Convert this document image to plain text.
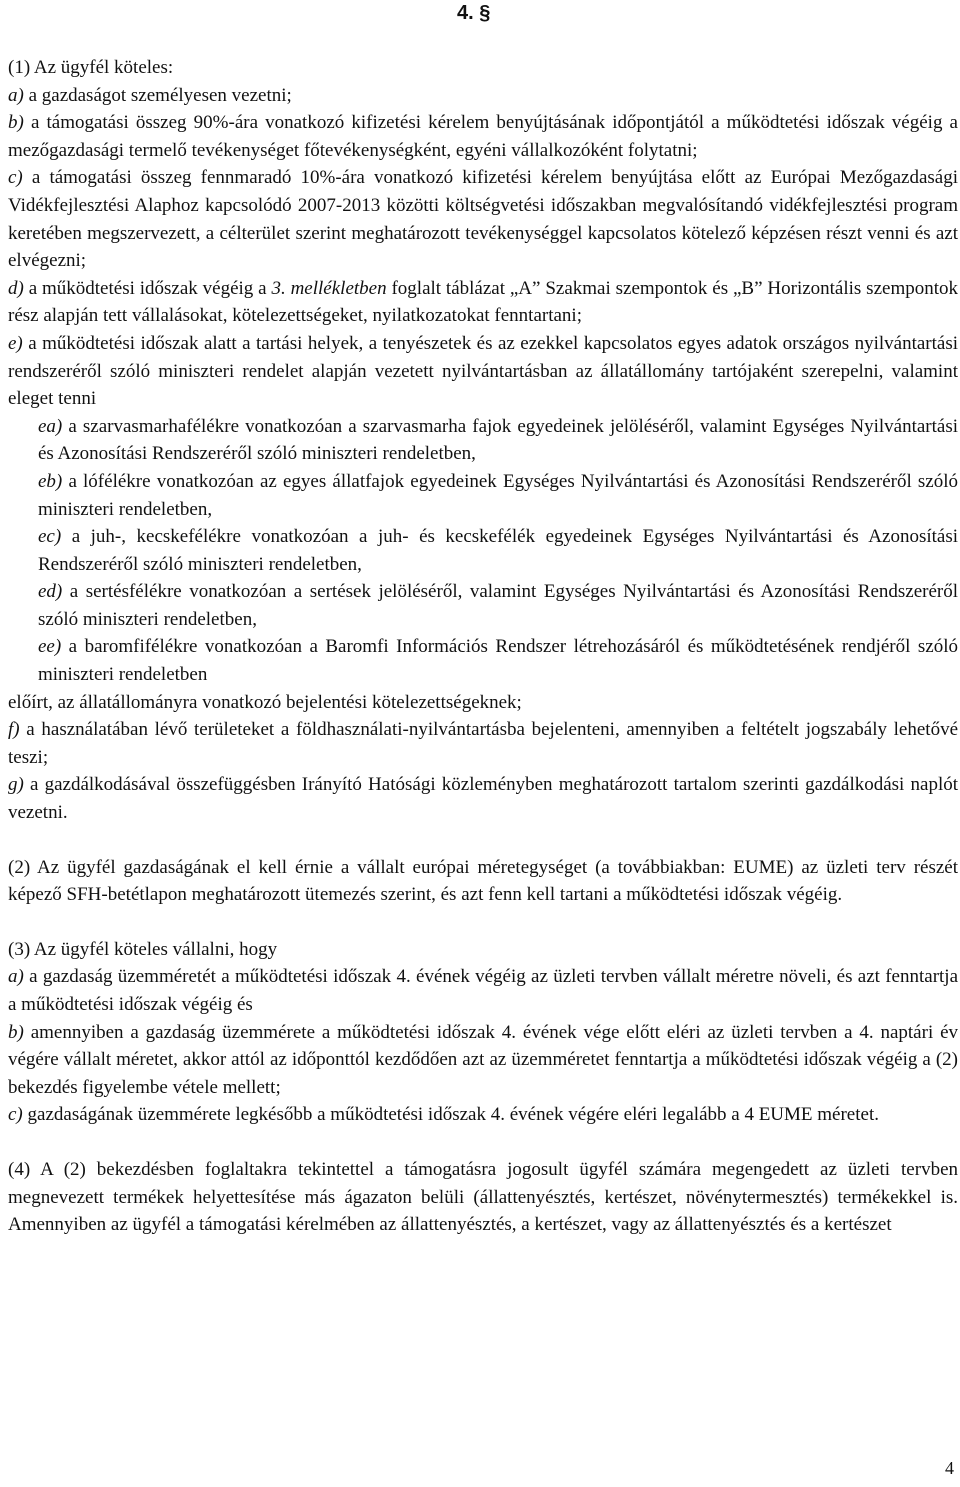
4. §

(1) Az ügyfél köteles:

a) a gazdaságot személyesen vezetni;

b) a támogatási összeg 90%-ára vonatkozó kifizetési kérelem benyújtásának időpontjától a működtetési időszak végéig a mezőgazdasági termelő tevékenységet főtevékenységként, egyéni vállalkozóként folytatni;

c) a támogatási összeg fennmaradó 10%-ára vonatkozó kifizetési kérelem benyújtása előtt az Európai Mezőgazdasági Vidékfejlesztési Alaphoz kapcsolódó 2007-2013 közötti költségvetési időszakban megvalósítandó vidékfejlesztési program keretében megszervezett, a célterület szerint meghatározott tevékenységgel kapcsolatos kötelező képzésen részt venni és azt elvégezni;

d) a működtetési időszak végéig a 3. mellékletben foglalt táblázat „A” Szakmai szempontok és „B” Horizontális szempontok rész alapján tett vállalásokat, kötelezettségeket, nyilatkozatokat fenntartani;

e) a működtetési időszak alatt a tartási helyek, a tenyészetek és az ezekkel kapcsolatos egyes adatok országos nyilvántartási rendszeréről szóló miniszteri rendelet alapján vezetett nyilvántartásban az állatállomány tartójaként szerepelni, valamint eleget tenni

ea) a szarvasmarhafélékre vonatkozóan a szarvasmarha fajok egyedeinek jelöléséről, valamint Egységes Nyilvántartási és Azonosítási Rendszeréről szóló miniszteri rendeletben,

eb) a lófélékre vonatkozóan az egyes állatfajok egyedeinek Egységes Nyilvántartási és Azonosítási Rendszeréről szóló miniszteri rendeletben,

ec) a juh-, kecskefélékre vonatkozóan a juh- és kecskefélék egyedeinek Egységes Nyilvántartási és Azonosítási Rendszeréről szóló miniszteri rendeletben,

ed) a sertésfélékre vonatkozóan a sertések jelöléséről, valamint Egységes Nyilvántartási és Azonosítási Rendszeréről szóló miniszteri rendeletben,

ee) a baromfifélékre vonatkozóan a Baromfi Információs Rendszer létrehozásáról és működtetésének rendjéről szóló miniszteri rendeletben

előírt, az állatállományra vonatkozó bejelentési kötelezettségeknek;

f) a használatában lévő területeket a földhasználati-nyilvántartásba bejelenteni, amennyiben a feltételt jogszabály lehetővé teszi;

g) a gazdálkodásával összefüggésben Irányító Hatósági közleményben meghatározott tartalom szerinti gazdálkodási naplót vezetni.

(2) Az ügyfél gazdaságának el kell érnie a vállalt európai méretegységet (a továbbiakban: EUME) az üzleti terv részét képező SFH-betétlapon meghatározott ütemezés szerint, és azt fenn kell tartani a működtetési időszak végéig.

(3) Az ügyfél köteles vállalni, hogy

a) a gazdaság üzemméretét a működtetési időszak 4. évének végéig az üzleti tervben vállalt méretre növeli, és azt fenntartja a működtetési időszak végéig és

b) amennyiben a gazdaság üzemmérete a működtetési időszak 4. évének vége előtt eléri az üzleti tervben a 4. naptári év végére vállalt méretet, akkor attól az időponttól kezdődően azt az üzemméretet fenntartja a működtetési időszak végéig a (2) bekezdés figyelembe vétele mellett;

c) gazdaságának üzemmérete legkésőbb a működtetési időszak 4. évének végére eléri legalább a 4 EUME méretet.

(4) A (2) bekezdésben foglaltakra tekintettel a támogatásra jogosult ügyfél számára megengedett az üzleti tervben megnevezett termékek helyettesítése más ágazaton belüli (állattenyésztés, kertészet, növénytermesztés) termékekkel is. Amennyiben az ügyfél a támogatási kérelmében az állattenyésztés, a kertészet, vagy az állattenyésztés és a kertészet

4
